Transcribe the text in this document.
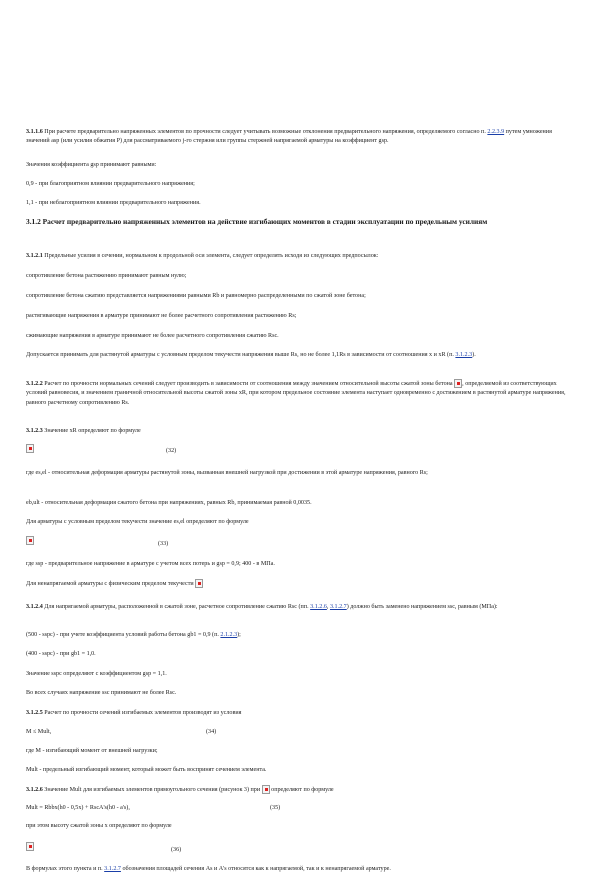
3.1.1.6 При расчете предварительно напряженных элементов по прочности следует учитывать возможные отклонения предварительного напряжения, определяемого согласно п. 2.2.3.9 путем умножения значений asp (или усилия обжатия P) для рассматриваемого j-го стержня или группы стержней напрягаемой арматуры на коэффициент gsp.

Значения коэффициента gsp принимают равными:

0,9 - при благоприятном влиянии предварительного напряжения;

1,1 - при неблагоприятном влиянии предварительного напряжения.

3.1.2 Расчет предварительно напряженных элементов на действие изгибающих моментов в стадии эксплуатации по предельным усилиям

3.1.2.1 Предельные усилия в сечении, нормальном к продольной оси элемента, следует определять исходя из следующих предпосылок:

сопротивление бетона растяжению принимают равным нулю;

сопротивление бетона сжатию представляется напряжениями равными Rb и равномерно распределенными по сжатой зоне бетона;

растягивающие напряжения в арматуре принимают не более расчетного сопротивления растяжению Rs;

сжимающие напряжения в арматуре принимают не более расчетного сопротивления сжатию Rsc.

Допускается принимать для растянутой арматуры с условным пределом текучести напряжения выше Rs, но не более 1,1Rs в зависимости от соотношения x и xR (п. 3.1.2.3).

3.1.2.2 Расчет по прочности нормальных сечений следует производить в зависимости от соотношения между значением относительной высоты сжатой зоны бетона , определяемой из соответствующих условий равновесия, и значением граничной относительной высоты сжатой зоны xR, при котором предельное состояние элемента наступает одновременно с достижением в растянутой арматуре напряжения, равного расчетному сопротивлению Rs.

3.1.2.3 Значение xR определяют по формуле

(32)

где es,el - относительная деформация арматуры растянутой зоны, вызванная внешней нагрузкой при достижении в этой арматуре напряжения, равного Rs;

eb,ult - относительная деформация сжатого бетона при напряжениях, равных Rb, принимаемая равной 0,0035.

Для арматуры с условным пределом текучести значение es,el определяют по формуле

(33)

где ssp - предварительное напряжение в арматуре с учетом всех потерь и gsp = 0,9; 400 - в МПа.

Для ненапрягаемой арматуры с физическим пределом текучести

3.1.2.4 Для напрягаемой арматуры, расположенной в сжатой зоне, расчетное сопротивление сжатию Rsc (пп. 3.1.2.6, 3.1.2.7) должно быть заменено напряжением ssc, равным (МПа):

(500 - sspc) - при учете коэффициента условий работы бетона gb1 = 0,9 (п. 2.1.2.3);

(400 - sspc) - при gb1 = 1,0.

Значение sspc определяют с коэффициентом gsp = 1,1.

Во всех случаях напряжение ssc принимают не более Rsc.

3.1.2.5 Расчет по прочности сечений изгибаемых элементов производят из условия

M ≤ Mult,	(34)

где M - изгибающий момент от внешней нагрузки;

Mult - предельный изгибающий момент, который может быть воспринят сечением элемента.

3.1.2.6 Значение Mult для изгибаемых элементов прямоугольного сечения (рисунок 3) при определяют по формуле

Mult = Rbbx(h0 - 0,5x) + RscA's(h0 - a's),	(35)

при этом высоту сжатой зоны x определяют по формуле

(36)

В формулах этого пункта и п. 3.1.2.7 обозначения площадей сечения As и A's относятся как к напрягаемой, так и к ненапрягаемой арматуре.
